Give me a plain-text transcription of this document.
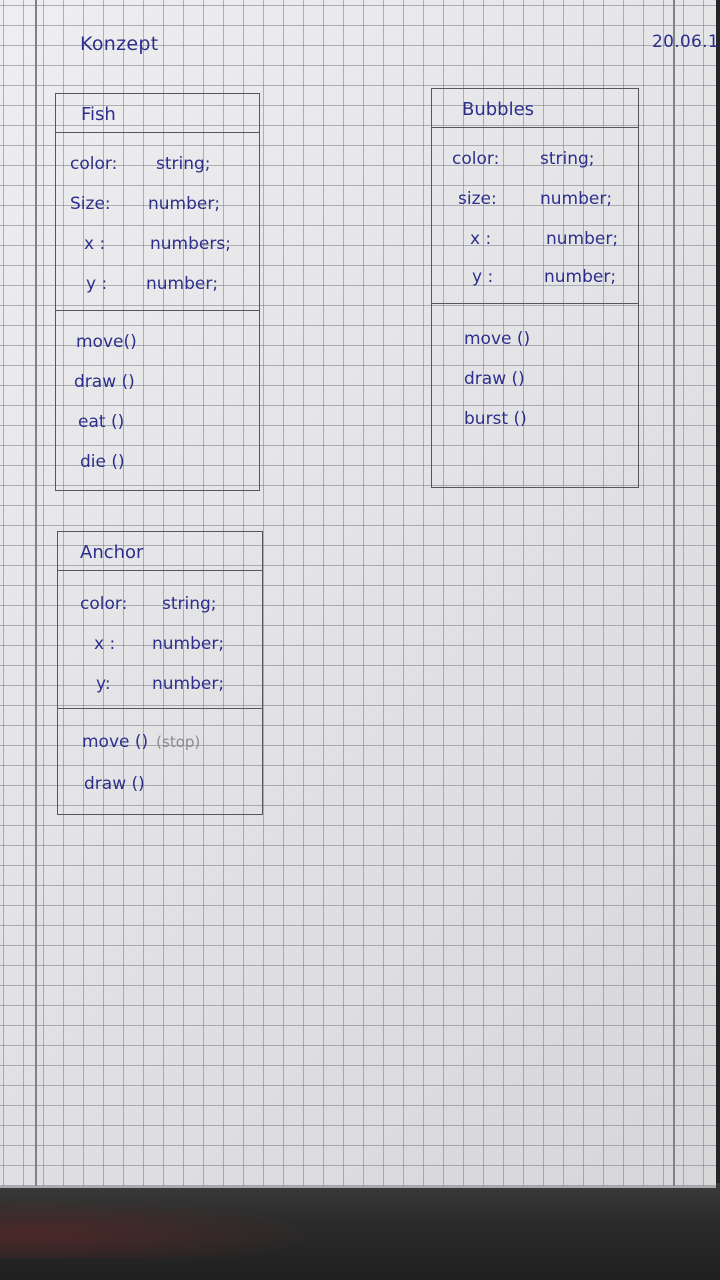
Konzept	20.06.1
Fish
color: string;
Size: number;
x :	numbers;
y : number;
move()
draw ()
eat ()
die ()
Bubbles
color: string;
size:	number;
x :	number;
y :	number;
move ()
draw ()
burst ()
Anchor
color: string;
x : number;
y: number;
move () (stop)
draw ()
